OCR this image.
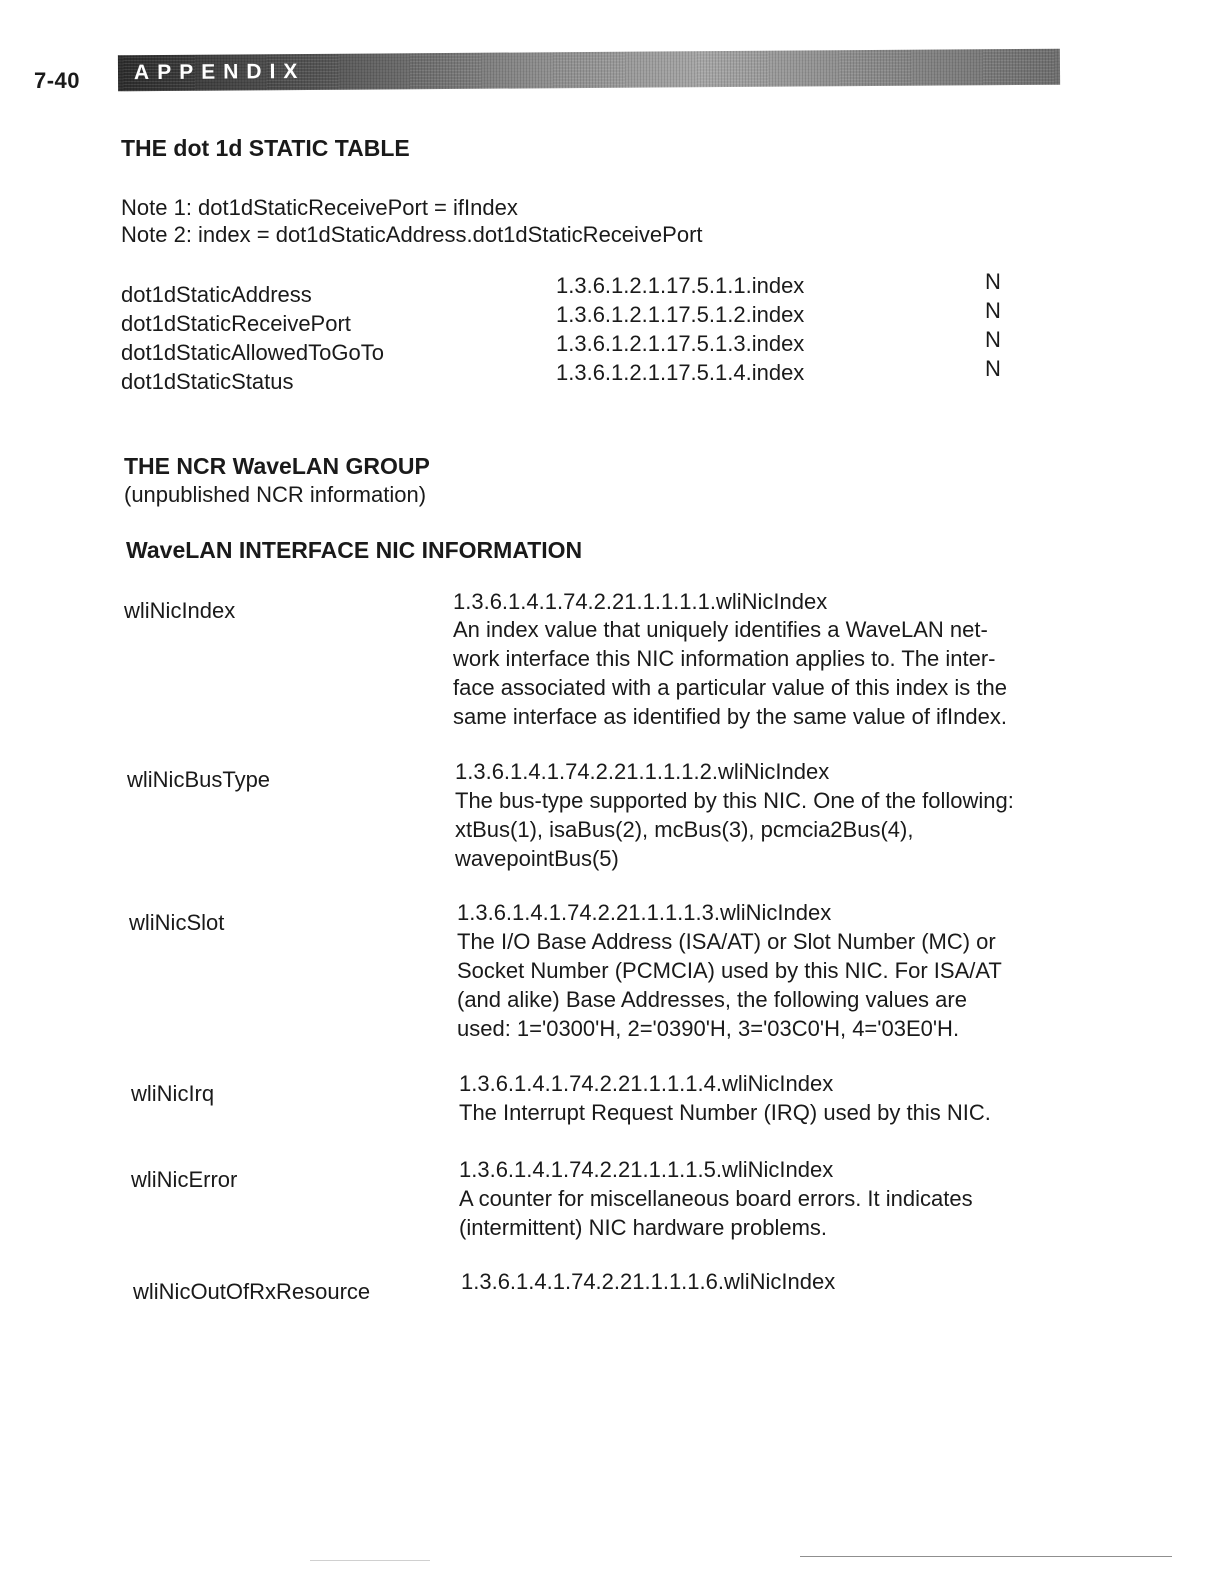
7-40	APPENDIX
THE dot 1d STATIC TABLE
Note 1: dot1dStaticReceivePort = ifIndex
Note 2: index = dot1dStaticAddress.dot1dStaticReceivePort
dot1dStaticAddress	1.3.6.1.2.1.17.5.1.1.index	N
dot1dStaticReceivePort	1.3.6.1.2.1.17.5.1.2.index	N
dot1dStaticAllowedToGoTo	1.3.6.1.2.1.17.5.1.3.index	N
dot1dStaticStatus	1.3.6.1.2.1.17.5.1.4.index	N
THE NCR WaveLAN GROUP
(unpublished NCR information)
WaveLAN INTERFACE NIC INFORMATION
wliNicIndex	1.3.6.1.4.1.74.2.21.1.1.1.1.wliNicIndex
An index value that uniquely identifies a WaveLAN net-
work interface this NIC information applies to. The inter-
face associated with a particular value of this index is the
same interface as identified by the same value of ifIndex.
wliNicBusType	1.3.6.1.4.1.74.2.21.1.1.1.2.wliNicIndex
The bus-type supported by this NIC. One of the following:
xtBus(1), isaBus(2), mcBus(3), pcmcia2Bus(4),
wavepointBus(5)
wliNicSlot	1.3.6.1.4.1.74.2.21.1.1.1.3.wliNicIndex
The I/O Base Address (ISA/AT) or Slot Number (MC) or
Socket Number (PCMCIA) used by this NIC. For ISA/AT
(and alike) Base Addresses, the following values are
used: 1='0300'H, 2='0390'H, 3='03C0'H, 4='03E0'H.
wliNicIrq	1.3.6.1.4.1.74.2.21.1.1.1.4.wliNicIndex
The Interrupt Request Number (IRQ) used by this NIC.
wliNicError	1.3.6.1.4.1.74.2.21.1.1.1.5.wliNicIndex
A counter for miscellaneous board errors. It indicates
(intermittent) NIC hardware problems.
wliNicOutOfRxResource	1.3.6.1.4.1.74.2.21.1.1.1.6.wliNicIndex
